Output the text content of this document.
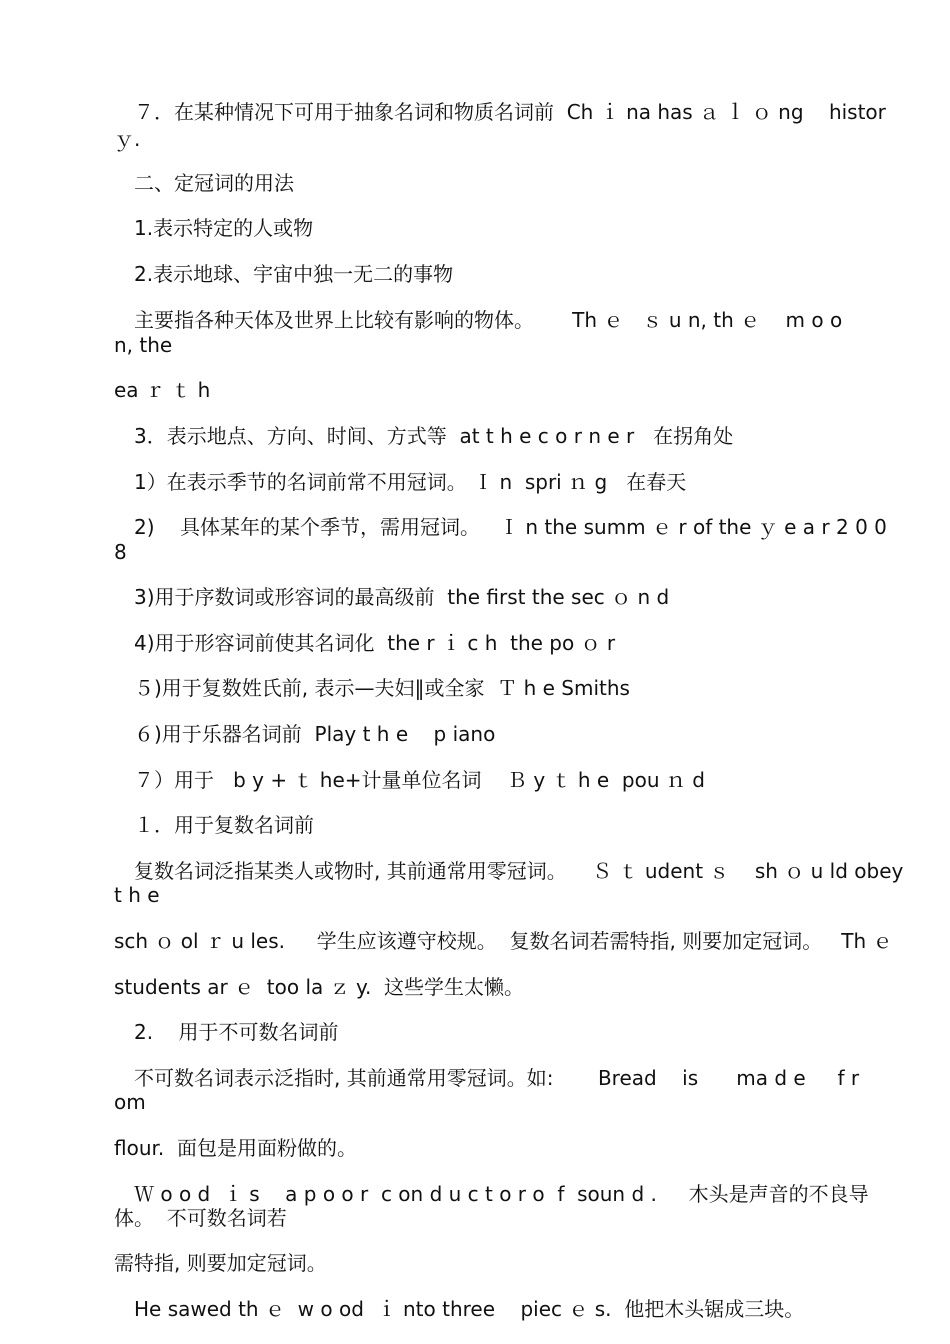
７．在某种情况下可用于抽象名词和物质名词前  Ch ｉ na has ａ ｌ ｏ ng    histor
ｙ.
二、定冠词的用法
1.表示特定的人或物
2.表示地球、宇宙中独一无二的事物
主要指各种天体及世界上比较有影响的物体。      Th ｅ   ｓ u n, th ｅ    m o o
n, the
ea ｒ ｔ h
3．表示地点、方向、时间、方式等  at t h e c o r n e r   在拐角处
1）在表示季节的名词前常不用冠词。 Ｉ n  spri ｎ g   在春天
2)    具体某年的某个季节，需用冠词。   Ｉ n the summ ｅ r of the ｙ e a r 2 0 0
8
3)用于序数词或形容词的最高级前  the first the sec ｏ n d
4)用于形容词前使其名词化  the r ｉ c h  the po ｏ r
５)用于复数姓氏前, 表示—夫妇‖或全家  Ｔ h e Smiths
６)用于乐器名词前  Play t h e    p iano
７）用于   b y + ｔ he+计量单位名词    Ｂ y ｔ h e  pou ｎ d
１．用于复数名词前
复数名词泛指某类人或物时, 其前通常用零冠词。    Ｓ ｔ udent ｓ    sh ｏ u ld obey
t h e
sch ｏ ol ｒ u les.     学生应该遵守校规。  复数名词若需特指, 则要加定冠词。   Th ｅ
students ar ｅ  too la ｚ y.  这些学生太懒。
2.    用于不可数名词前
不可数名词表示泛指时, 其前通常用零冠词。如:       Bread    is      ma d e     f r
om
flour.  面包是用面粉做的。
Ｗ o o d  ｉ s    a p o o r  c on d u c t o r o  f  soun d .     木头是声音的不良导
体。  不可数名词若
需特指, 则要加定冠词。
He sawed th ｅ  w o od  ｉ nto three    piec ｅ s.  他把木头锯成三块。
